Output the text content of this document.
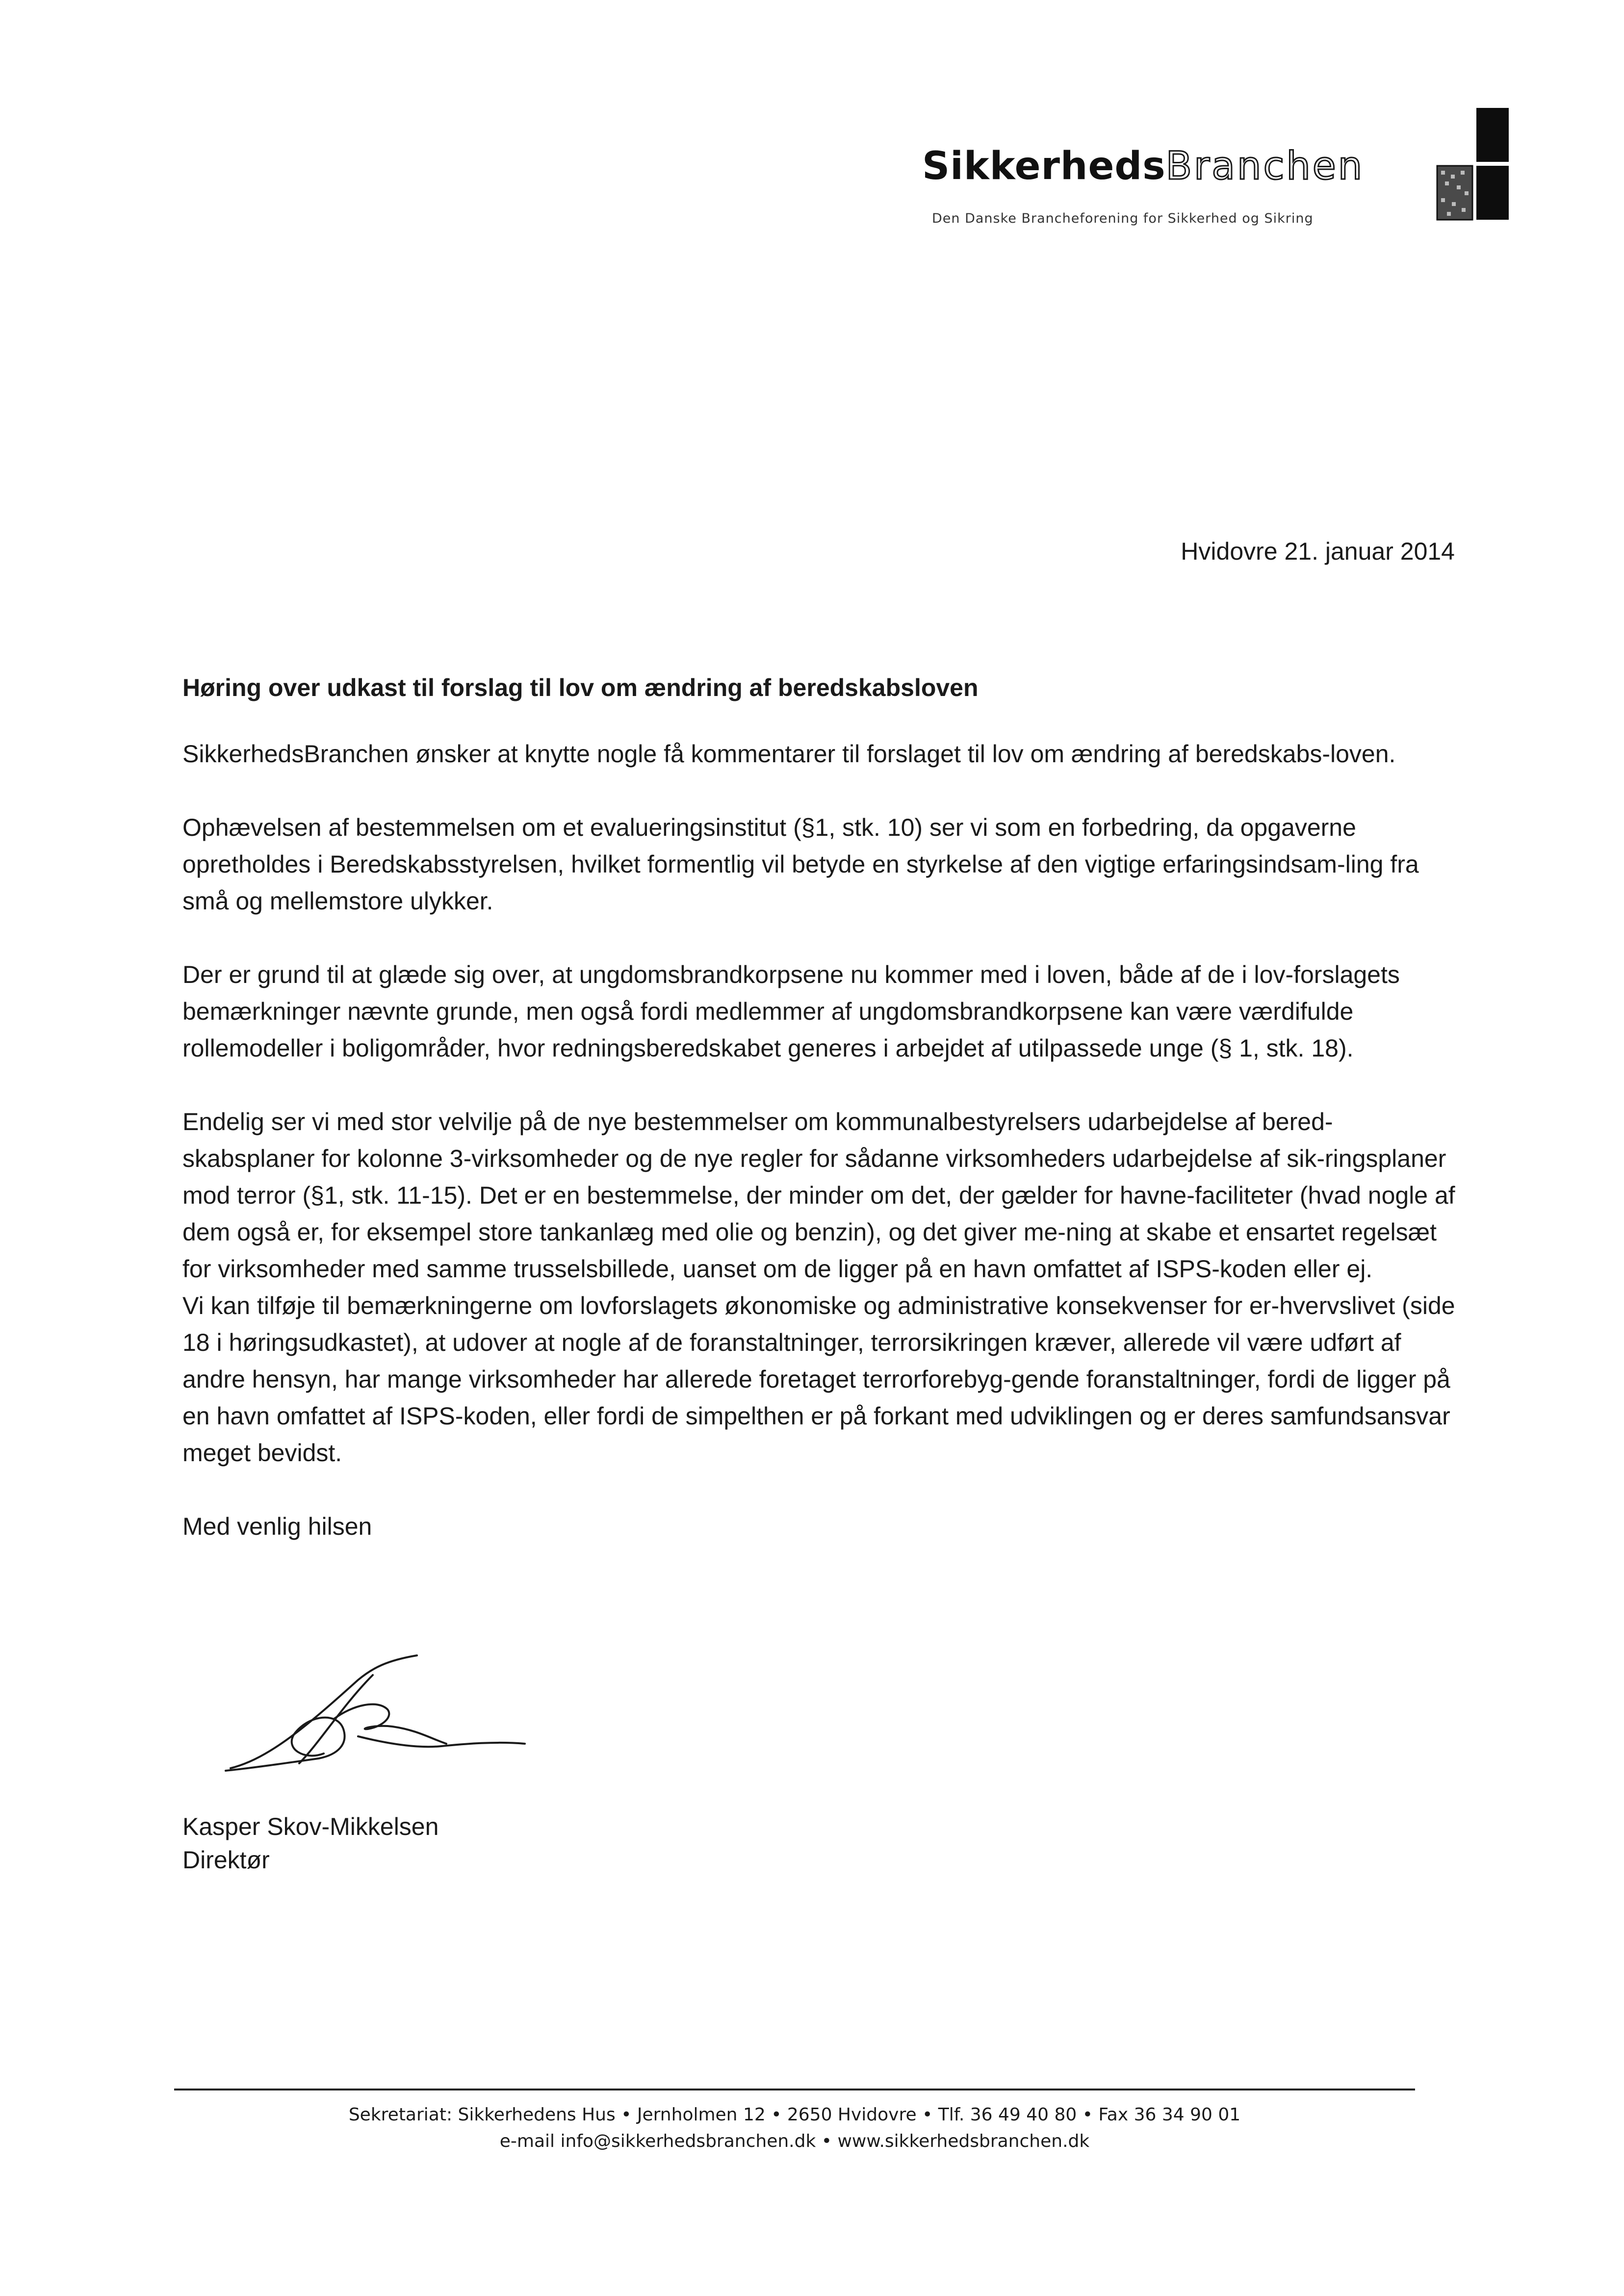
SikkerhedsBranchen
Den Danske Brancheforening for Sikkerhed og Sikring
Hvidovre 21. januar 2014
Høring over udkast til forslag til lov om ændring af beredskabsloven
SikkerhedsBranchen ønsker at knytte nogle få kommentarer til forslaget til lov om ændring af beredskabs-loven.
Ophævelsen af bestemmelsen om et evalueringsinstitut (§1, stk. 10) ser vi som en forbedring, da opgaverne opretholdes i Beredskabsstyrelsen, hvilket formentlig vil betyde en styrkelse af den vigtige erfaringsindsam-ling fra små og mellemstore ulykker.
Der er grund til at glæde sig over, at ungdomsbrandkorpsene nu kommer med i loven, både af de i lov-forslagets bemærkninger nævnte grunde, men også fordi medlemmer af ungdomsbrandkorpsene kan være værdifulde rollemodeller i boligområder, hvor redningsberedskabet generes i arbejdet af utilpassede unge (§ 1, stk. 18).
Endelig ser vi med stor velvilje på de nye bestemmelser om kommunalbestyrelsers udarbejdelse af bered-skabsplaner for kolonne 3-virksomheder og de nye regler for sådanne virksomheders udarbejdelse af sik-ringsplaner mod terror (§1, stk. 11-15). Det er en bestemmelse, der minder om det, der gælder for havne-faciliteter (hvad nogle af dem også er, for eksempel store tankanlæg med olie og benzin), og det giver me-ning at skabe et ensartet regelsæt for virksomheder med samme trusselsbillede, uanset om de ligger på en havn omfattet af ISPS-koden eller ej.
Vi kan tilføje til bemærkningerne om lovforslagets økonomiske og administrative konsekvenser for er-hvervslivet (side 18 i høringsudkastet), at udover at nogle af de foranstaltninger, terrorsikringen kræver, allerede vil være udført af andre hensyn, har mange virksomheder har allerede foretaget terrorforebyg-gende foranstaltninger, fordi de ligger på en havn omfattet af ISPS-koden, eller fordi de simpelthen er på forkant med udviklingen og er deres samfundsansvar meget bevidst.
Med venlig hilsen
Kasper Skov-Mikkelsen
Direktør
Sekretariat: Sikkerhedens Hus • Jernholmen 12 • 2650 Hvidovre • Tlf. 36 49 40 80 • Fax 36 34 90 01
e-mail info@sikkerhedsbranchen.dk • www.sikkerhedsbranchen.dk
